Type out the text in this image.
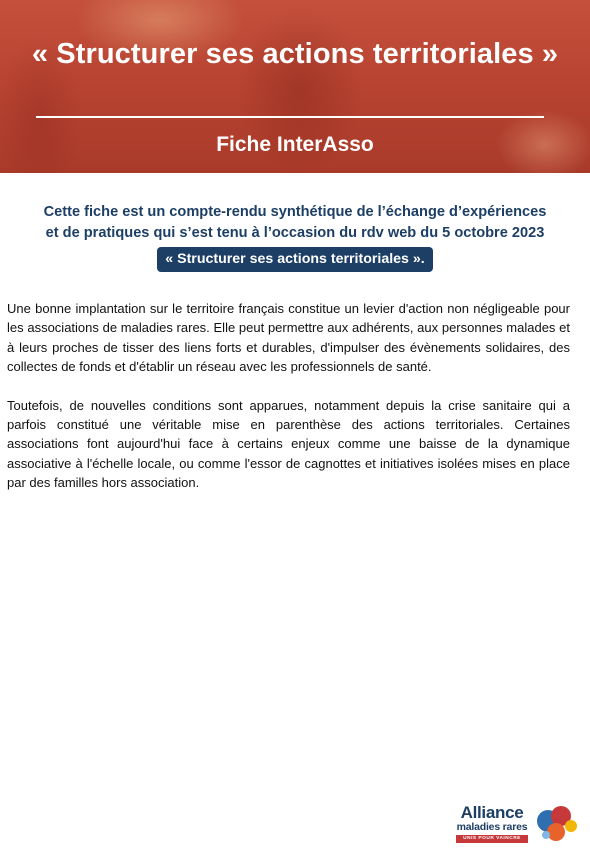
« Structurer ses actions territoriales »
Fiche InterAsso
Cette fiche est un compte-rendu synthétique de l’échange d’expériences
et de pratiques qui s’est tenu à l’occasion du rdv web du 5 octobre 2023
« Structurer ses actions territoriales ».

Une bonne implantation sur le territoire français constitue un levier d'action non négligeable pour les associations de maladies rares. Elle peut permettre aux adhérents, aux personnes malades et à leurs proches de tisser des liens forts et durables, d'impulser des évènements solidaires, des collectes de fonds et d'établir un réseau avec les professionnels de santé.

Toutefois, de nouvelles conditions sont apparues, notamment depuis la crise sanitaire qui a parfois constitué une véritable mise en parenthèse des actions territoriales. Certaines associations font aujourd'hui face à certains enjeux comme une baisse de la dynamique associative à l'échelle locale, ou comme l'essor de cagnottes et initiatives isolées mises en place par des familles hors association.

Alliance
maladies rares
UNIS POUR VAINCRE
